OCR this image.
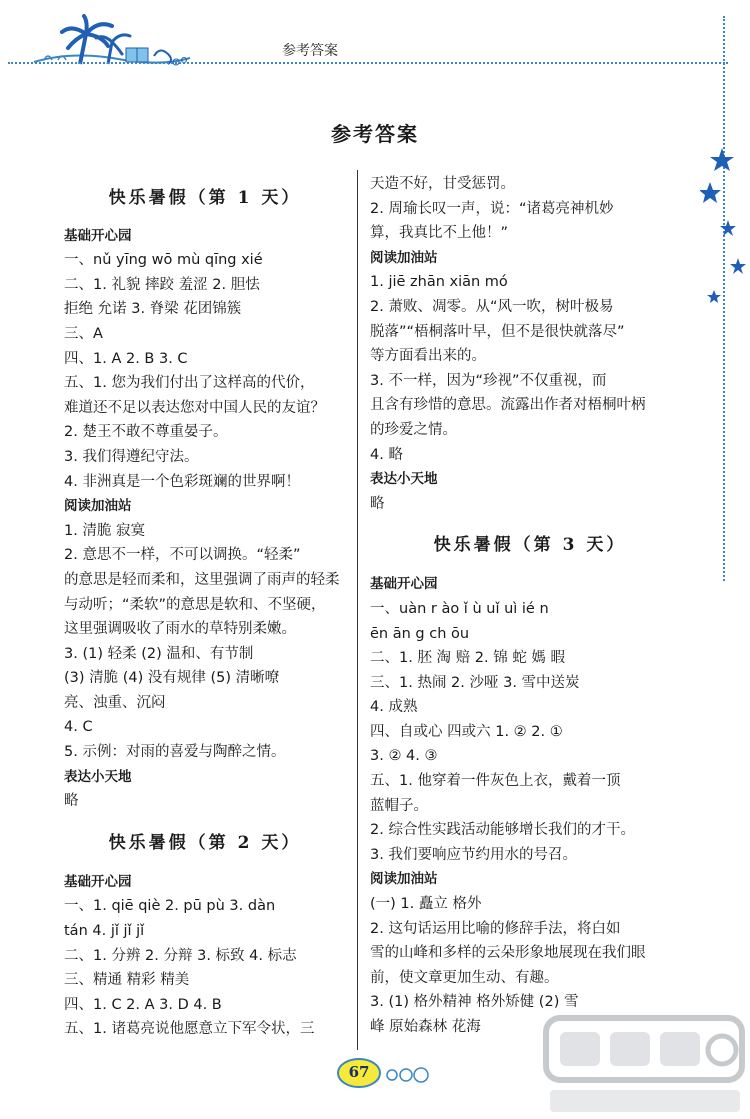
参考答案
参考答案

快乐暑假（第 1 天）

基础开心园

一、nǔ yīng wō mù qīng xié

二、1. 礼貌 摔跤 羞涩 2. 胆怯

拒绝 允诺 3. 脊梁 花团锦簇

三、A

四、1. A 2. B 3. C

五、1. 您为我们付出了这样高的代价，

难道还不足以表达您对中国人民的友谊？

2. 楚王不敢不尊重晏子。

3. 我们得遵纪守法。

4. 非洲真是一个色彩斑斓的世界啊！

阅读加油站

1. 清脆 寂寞

2. 意思不一样，不可以调换。“轻柔”

的意思是轻而柔和，这里强调了雨声的轻柔

与动听；“柔软”的意思是软和、不坚硬，

这里强调吸收了雨水的草特别柔嫩。

3. (1) 轻柔 (2) 温和、有节制

(3) 清脆 (4) 没有规律 (5) 清晰嘹

亮、浊重、沉闷

4. C

5. 示例：对雨的喜爱与陶醉之情。

表达小天地

略

快乐暑假（第 2 天）

基础开心园

一、1. qiē qiè 2. pū pù 3. dàn

tán 4. jǐ jǐ jǐ

二、1. 分辨 2. 分辩 3. 标致 4. 标志

三、精通 精彩 精美

四、1. C 2. A 3. D 4. B

五、1. 诸葛亮说他愿意立下军令状，三

天造不好，甘受惩罚。

2. 周瑜长叹一声，说：“诸葛亮神机妙

算，我真比不上他！”

阅读加油站

1. jiē zhān xiān mó

2. 萧败、凋零。从“风一吹，树叶极易

脱落”“梧桐落叶早，但不是很快就落尽”

等方面看出来的。

3. 不一样，因为“珍视”不仅重视，而

且含有珍惜的意思。流露出作者对梧桐叶柄

的珍爱之情。

4. 略

表达小天地

略

快乐暑假（第 3 天）

基础开心园

一、uàn r ào ǐ ù uǐ uì ié n

ēn ān g ch ōu

二、1. 胚 淘 赔 2. 锦 蛇 媽 暇

三、1. 热闹 2. 沙哑 3. 雪中送炭

4. 成熟

四、自或心 四或六 1. ② 2. ①

3. ② 4. ③

五、1. 他穿着一件灰色上衣，戴着一顶

蓝帽子。

2. 综合性实践活动能够增长我们的才干。

3. 我们要响应节约用水的号召。

阅读加油站

(一) 1. 矗立 格外

2. 这句话运用比喻的修辞手法，将白如

雪的山峰和多样的云朵形象地展现在我们眼

前，使文章更加生动、有趣。

3. (1) 格外精神 格外矫健 (2) 雪

峰 原始森林 花海

67
